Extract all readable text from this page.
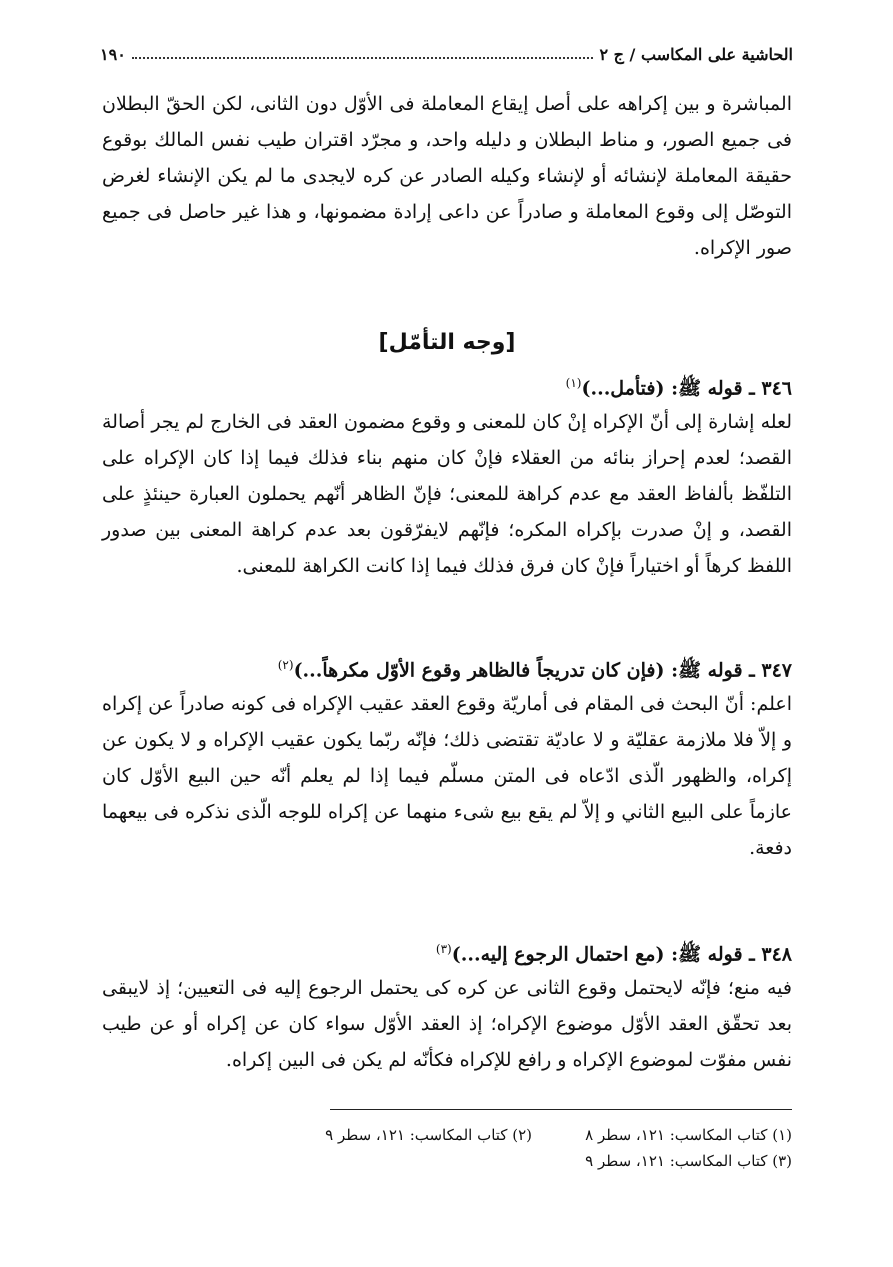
الحاشية على المكاسب / ج ٢
١٩٠

المباشرة و بين إكراهه على أصل إيقاع المعاملة فى الأوّل دون الثانى، لكن الحقّ البطلان فى جميع الصور، و مناط البطلان و دليله واحد، و مجرّد اقتران طيب نفس المالك بوقوع حقيقة المعاملة لإنشائه أو لإنشاء وكيله الصادر عن كره لايجدى ما لم يكن الإنشاء لغرض التوصّل إلى وقوع المعاملة و صادراً عن داعى إرادة مضمونها، و هذا غير حاصل فى جميع صور الإكراه.

[وجه التأمّل]
٣٤٦ ـ قوله ﷺ: (فتأمل...)$^{(١)}$

لعله إشارة إلى أنّ الإكراه إنْ كان للمعنى و وقوع مضمون العقد فى الخارج لم يجر أصالة القصد؛ لعدم إحراز بنائه من العقلاء فإنْ كان منهم بناء فذلك فيما إذا كان الإكراه على التلفّظ بألفاظ العقد مع عدم كراهة للمعنى؛ فإنّ الظاهر أنّهم يحملون العبارة حينئذٍ على القصد، و إنْ صدرت بإكراه المكره؛ فإنّهم لايفرّقون بعد عدم كراهة المعنى بين صدور اللفظ كرهاً أو اختياراً فإنْ كان فرق فذلك فيما إذا كانت الكراهة للمعنى.

٣٤٧ ـ قوله ﷺ: (فإن كان تدريجاً فالظاهر وقوع الأوّل مكرهاً...)$^{(٢)}$

اعلم: أنّ البحث فى المقام فى أماريّة وقوع العقد عقيب الإكراه فى كونه صادراً عن إكراه و إلاّ فلا ملازمة عقليّة و لا عاديّة تقتضى ذلك؛ فإنّه ربّما يكون عقيب الإكراه و لا يكون عن إكراه، والظهور الّذى ادّعاه فى المتن مسلّم فيما إذا لم يعلم أنّه حين البيع الأوّل كان عازماً على البيع الثاني و إلاّ لم يقع بيع شىء منهما عن إكراه للوجه الّذى نذكره فى بيعهما دفعة.

٣٤٨ ـ قوله ﷺ: (مع احتمال الرجوع إليه...)$^{(٣)}$

فيه منع؛ فإنّه لايحتمل وقوع الثانى عن كره كى يحتمل الرجوع إليه فى التعيين؛ إذ لايبقى بعد تحقّق العقد الأوّل موضوع الإكراه؛ إذ العقد الأوّل سواء كان عن إكراه أو عن طيب نفس مفوّت لموضوع الإكراه و رافع للإكراه فكأنّه لم يكن فى البين إكراه.

(١) كتاب المكاسب: ١٢١، سطر ٨
(٢) كتاب المكاسب: ١٢١، سطر ٩
(٣) كتاب المكاسب: ١٢١، سطر ٩
